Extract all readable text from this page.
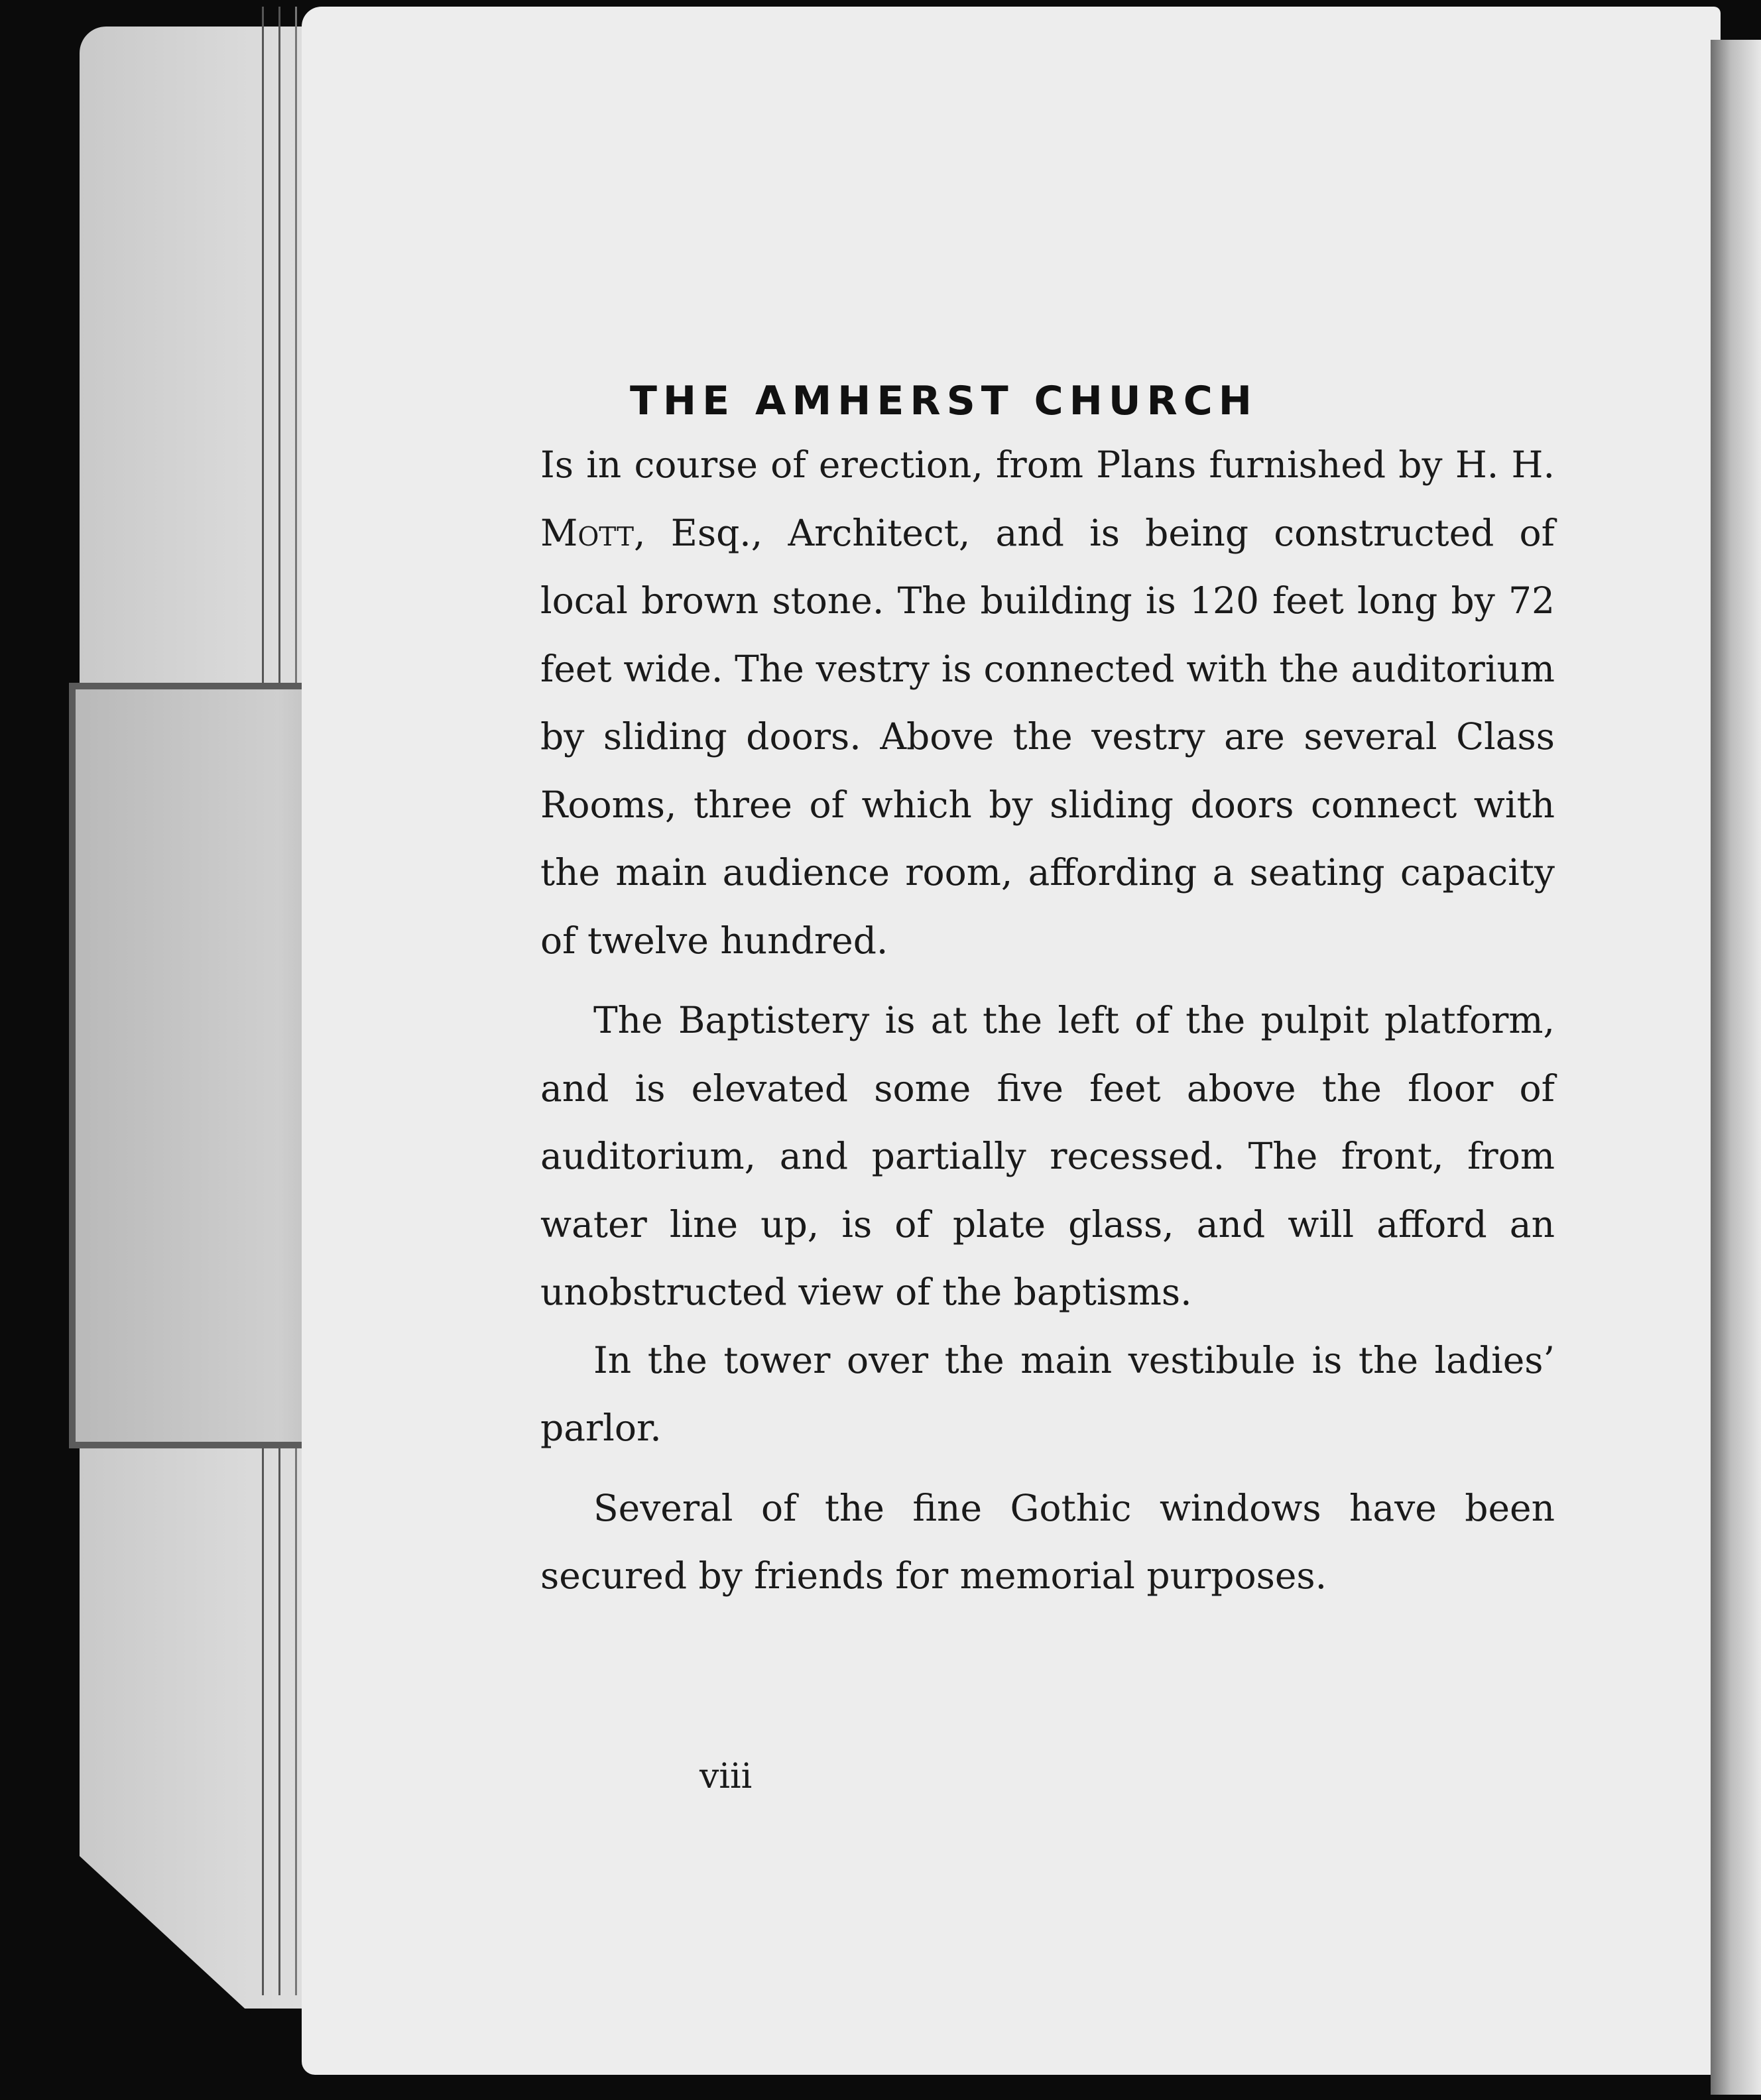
THE AMHERST CHURCH

Is in course of erection, from Plans furnished by H. H. Mott, Esq., Architect, and is being constructed of local brown stone. The building is 120 feet long by 72 feet wide. The vestry is connected with the auditorium by sliding doors. Above the vestry are several Class Rooms, three of which by sliding doors connect with the main audience room, affording a seating capacity of twelve hundred.

The Baptistery is at the left of the pulpit platform, and is elevated some five feet above the floor of auditorium, and partially recessed. The front, from water line up, is of plate glass, and will afford an unobstructed view of the baptisms.

In the tower over the main vestibule is the ladies’ parlor.

Several of the fine Gothic windows have been secured by friends for memorial purposes.

viii
